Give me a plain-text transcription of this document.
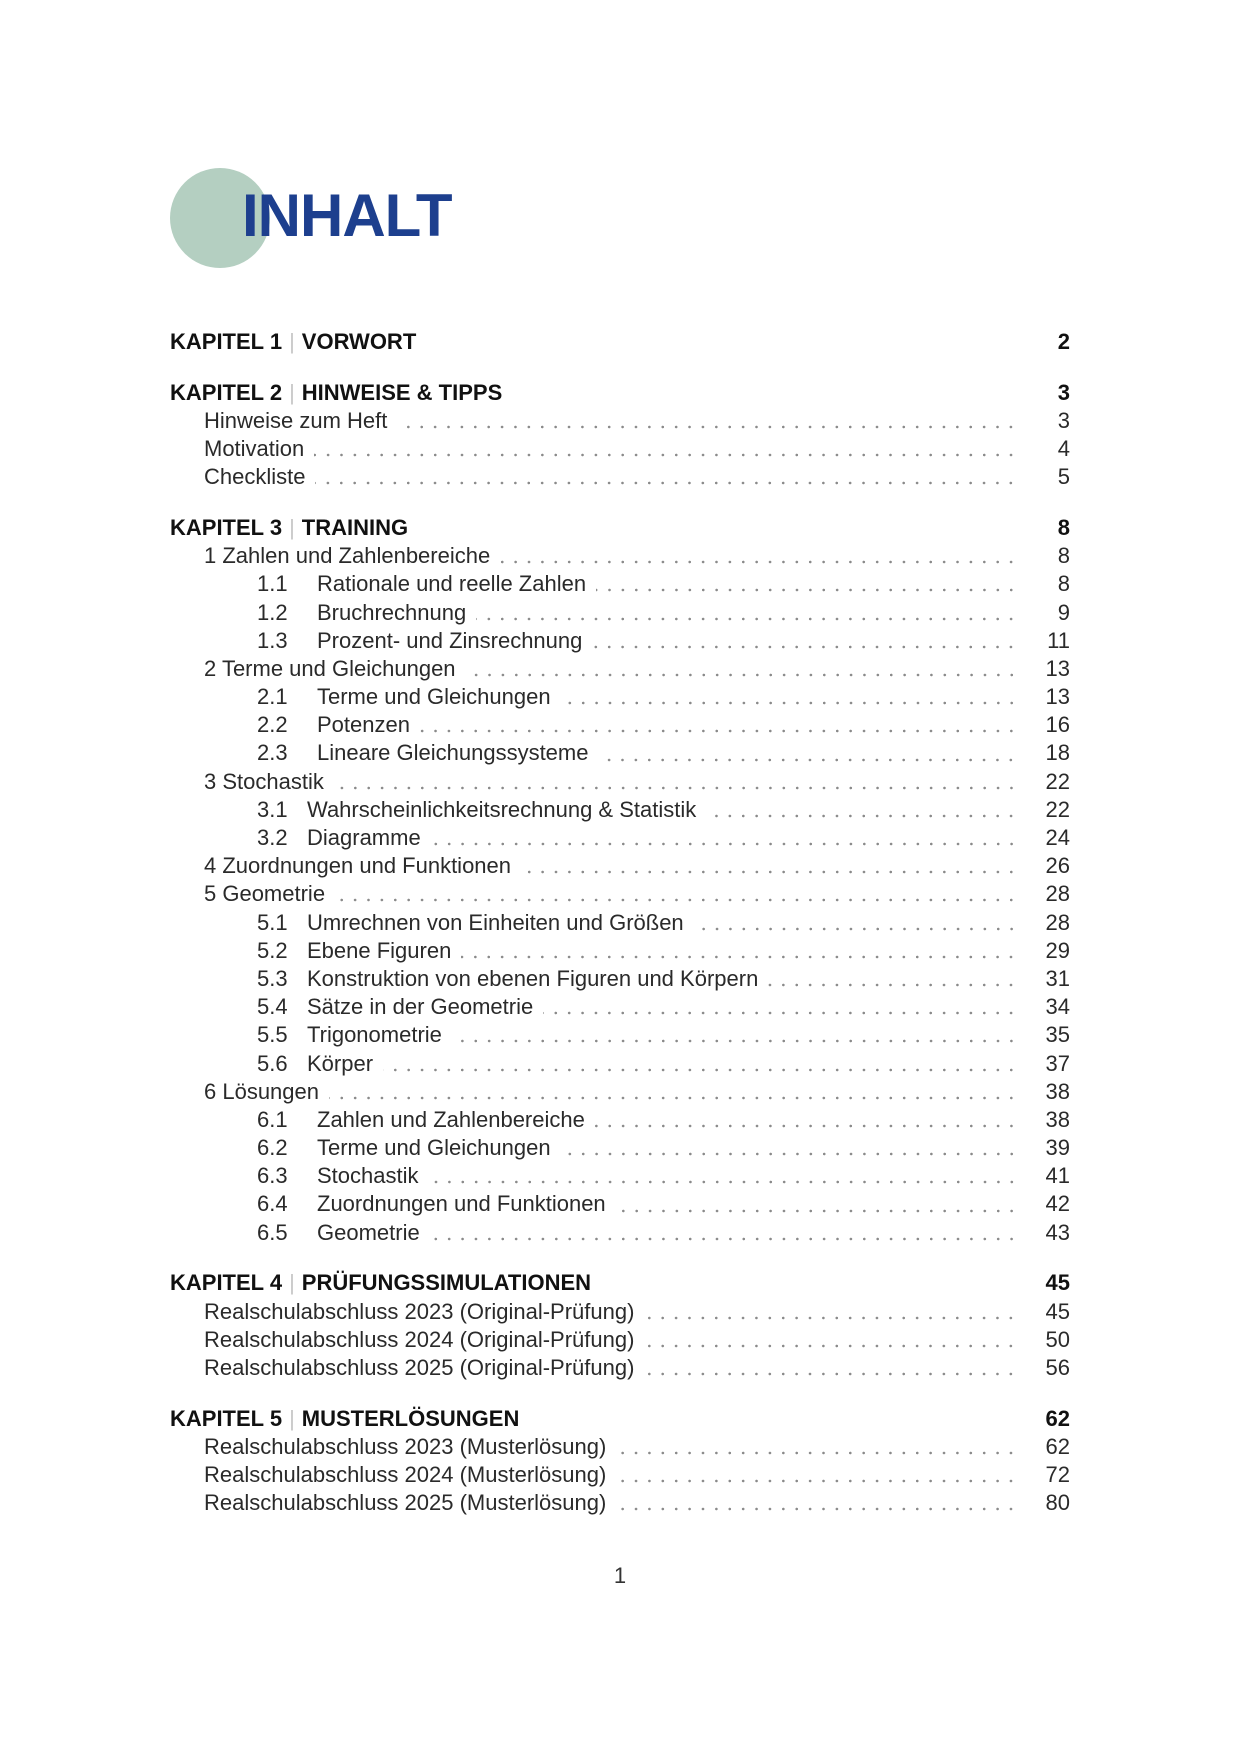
INHALT
KAPITEL 1 | VORWORT	2
KAPITEL 2 | HINWEISE & TIPPS	3
Hinweise zum Heft	3
Motivation	4
Checkliste	5
KAPITEL 3 | TRAINING	8
1 Zahlen und Zahlenbereiche	8
1.1	Rationale und reelle Zahlen	8
1.2	Bruchrechnung	9
1.3	Prozent- und Zinsrechnung	11
2 Terme und Gleichungen	13
2.1	Terme und Gleichungen	13
2.2	Potenzen	16
2.3	Lineare Gleichungssysteme	18
3 Stochastik	22
3.1 Wahrscheinlichkeitsrechnung & Statistik	22
3.2 Diagramme	24
4 Zuordnungen und Funktionen	26
5 Geometrie	28
5.1 Umrechnen von Einheiten und Größen	28
5.2 Ebene Figuren	29
5.3 Konstruktion von ebenen Figuren und Körpern	31
5.4 Sätze in der Geometrie	34
5.5 Trigonometrie	35
5.6 Körper	37
6 Lösungen	38
6.1	Zahlen und Zahlenbereiche	38
6.2	Terme und Gleichungen	39
6.3	Stochastik	41
6.4	Zuordnungen und Funktionen	42
6.5	Geometrie	43
KAPITEL 4 | PRÜFUNGSSIMULATIONEN	45
Realschulabschluss 2023 (Original-Prüfung)	45
Realschulabschluss 2024 (Original-Prüfung)	50
Realschulabschluss 2025 (Original-Prüfung)	56
KAPITEL 5 | MUSTERLÖSUNGEN	62
Realschulabschluss 2023 (Musterlösung)	62
Realschulabschluss 2024 (Musterlösung)	72
Realschulabschluss 2025 (Musterlösung)	80
1
